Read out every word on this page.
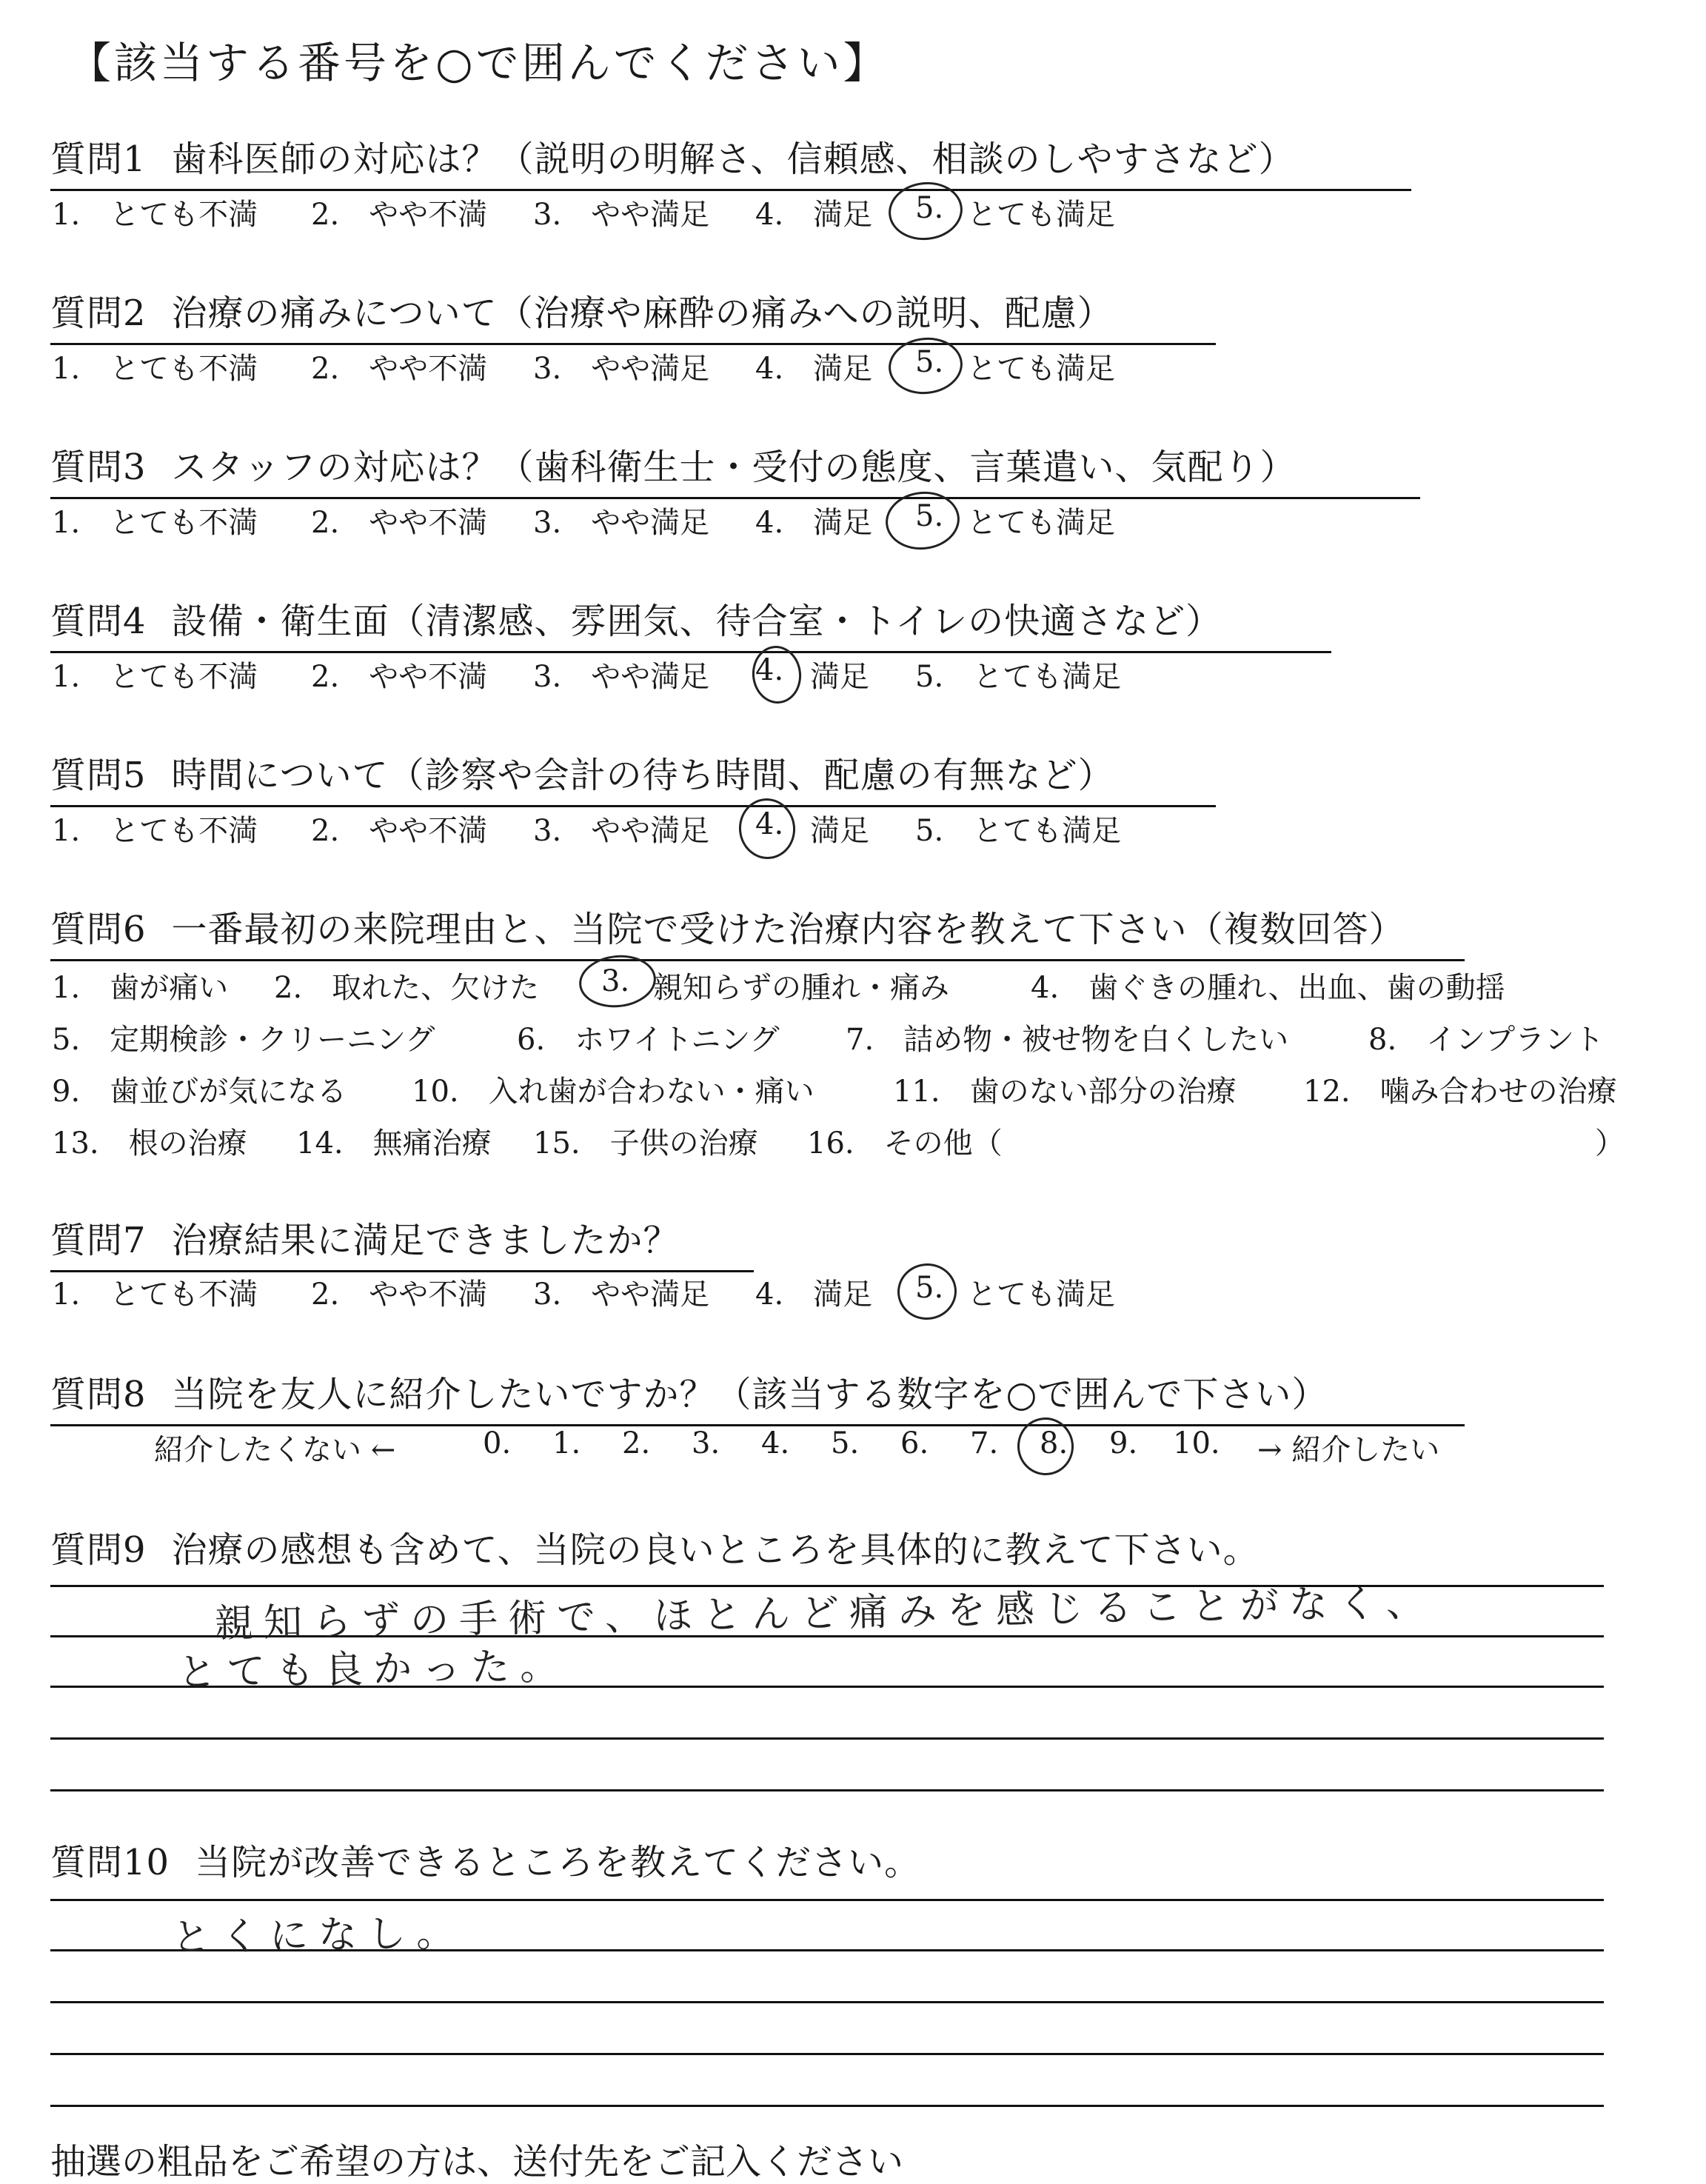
【該当する番号を○で囲んでください】
質問1 歯科医師の対応は？（説明の明解さ、信頼感、相談のしやすさなど）
1.　とても不満 2.　やや不満 3.　やや満足 4.　満足 5. とても満足
質問2 治療の痛みについて（治療や麻酔の痛みへの説明、配慮）
1.　とても不満 2.　やや不満 3.　やや満足 4.　満足 5. とても満足
質問3 スタッフの対応は？（歯科衛生士・受付の態度、言葉遣い、気配り）
1.　とても不満 2.　やや不満 3.　やや満足 4.　満足 5. とても満足
質問4 設備・衛生面（清潔感、雰囲気、待合室・トイレの快適さなど）
1.　とても不満 2.　やや不満 3.　やや満足 4. 満足 5.　とても満足
質問5 時間について（診察や会計の待ち時間、配慮の有無など）
1.　とても不満 2.　やや不満 3.　やや満足 4. 満足 5.　とても満足
質問6 一番最初の来院理由と、当院で受けた治療内容を教えて下さい（複数回答）
1.　歯が痛い 2.　取れた、欠けた 3. 親知らずの腫れ・痛み	4.　歯ぐきの腫れ、出血、歯の動揺
5.　定期検診・クリーニング	6.　ホワイトニング 7.　詰め物・被せ物を白くしたい	8.　インプラント
9.　歯並びが気になる 10.　入れ歯が合わない・痛い	11.　歯のない部分の治療 12.　噛み合わせの治療
13.　根の治療 14.　無痛治療 15.　子供の治療 16.　その他（	）
質問7 治療結果に満足できましたか？
1.　とても不満 2.　やや不満 3.　やや満足 4.　満足 5. とても満足
質問8 当院を友人に紹介したいですか？（該当する数字を○で囲んで下さい）
紹介したくない ←	0. 1. 2. 3. 4. 5. 6. 7. 8. 9. 10. → 紹介したい
質問9 治療の感想も含めて、当院の良いところを具体的に教えて下さい。
親知らずの手術で、ほとんど痛みを感じることがなく、
とても良かった。
質問10 当院が改善できるところを教えてください。
とくになし。
抽選の粗品をご希望の方は、送付先をご記入ください
